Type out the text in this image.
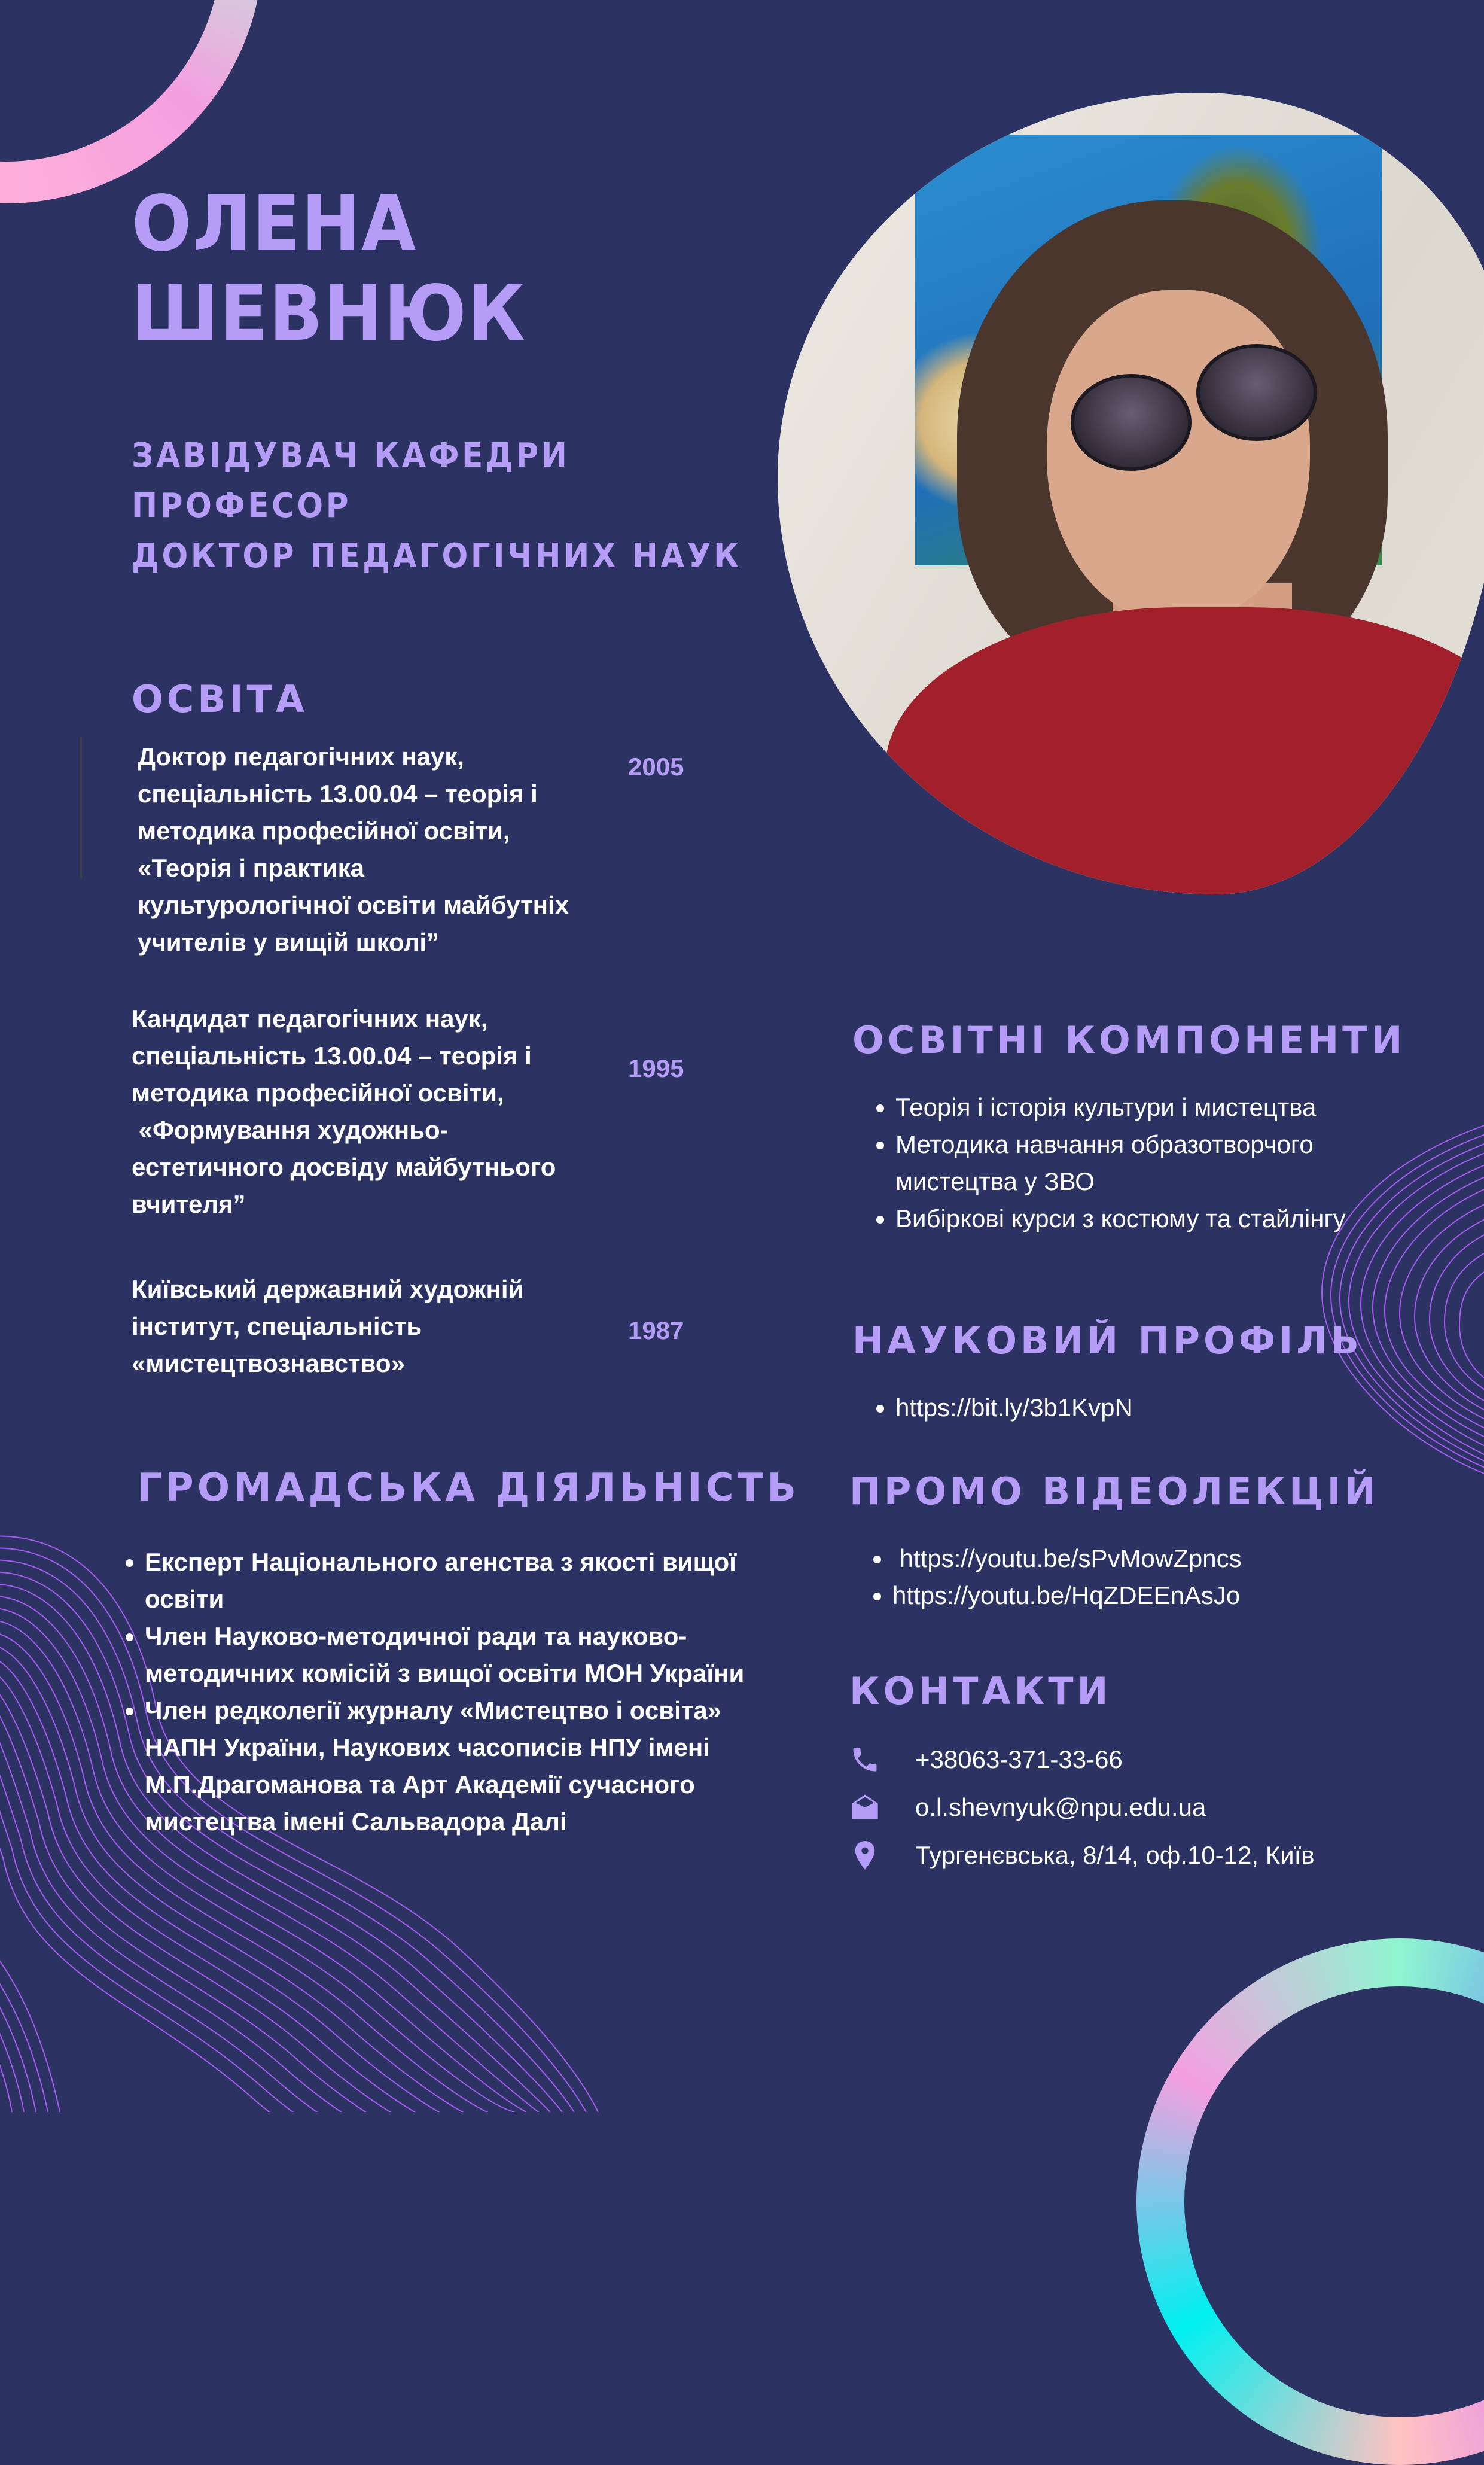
ОЛЕНА
ШЕВНЮК
ЗАВІДУВАЧ КАФЕДРИ
ПРОФЕСОР
ДОКТОР ПЕДАГОГІЧНИХ НАУК
ОСВІТА
Доктор педагогічних наук,
спеціальність 13.00.04 – теорія і
методика професійної освіти,
«Теорія і практика
культурологічної освіти майбутніх
учителів у вищій школі”
2005
Кандидат педагогічних наук,
спеціальність 13.00.04 – теорія і
методика професійної освіти,
«Формування художньо-
естетичного досвіду майбутнього
вчителя”
1995
Київський державний художній
інститут, спеціальність
«мистецтвознавство»
1987
ГРОМАДСЬКА ДІЯЛЬНІСТЬ
• Експерт Національного агенства з якості вищої освіти
• Член Науково-методичної ради та науково-методичних комісій з вищої освіти МОН України
• Член редколегії журналу «Мистецтво і освіта» НАПН України, Наукових часописів НПУ імені М.П.Драгоманова та Арт Академії сучасного мистецтва імені Сальвадора Далі
ОСВІТНІ КОМПОНЕНТИ
• Теорія і історія культури і мистецтва
• Методика навчання образотворчого мистецтва у ЗВО
• Вибіркові курси з костюму та стайлінгу
НАУКОВИЙ ПРОФІЛЬ
• https://bit.ly/3b1KvpN
ПРОМО ВІДЕОЛЕКЦІЙ
•  https://youtu.be/sPvMowZpncs
• https://youtu.be/HqZDEEnAsJo
КОНТАКТИ
+38063-371-33-66
o.l.shevnyuk@npu.edu.ua
Тургенєвська, 8/14, оф.10-12, Київ
